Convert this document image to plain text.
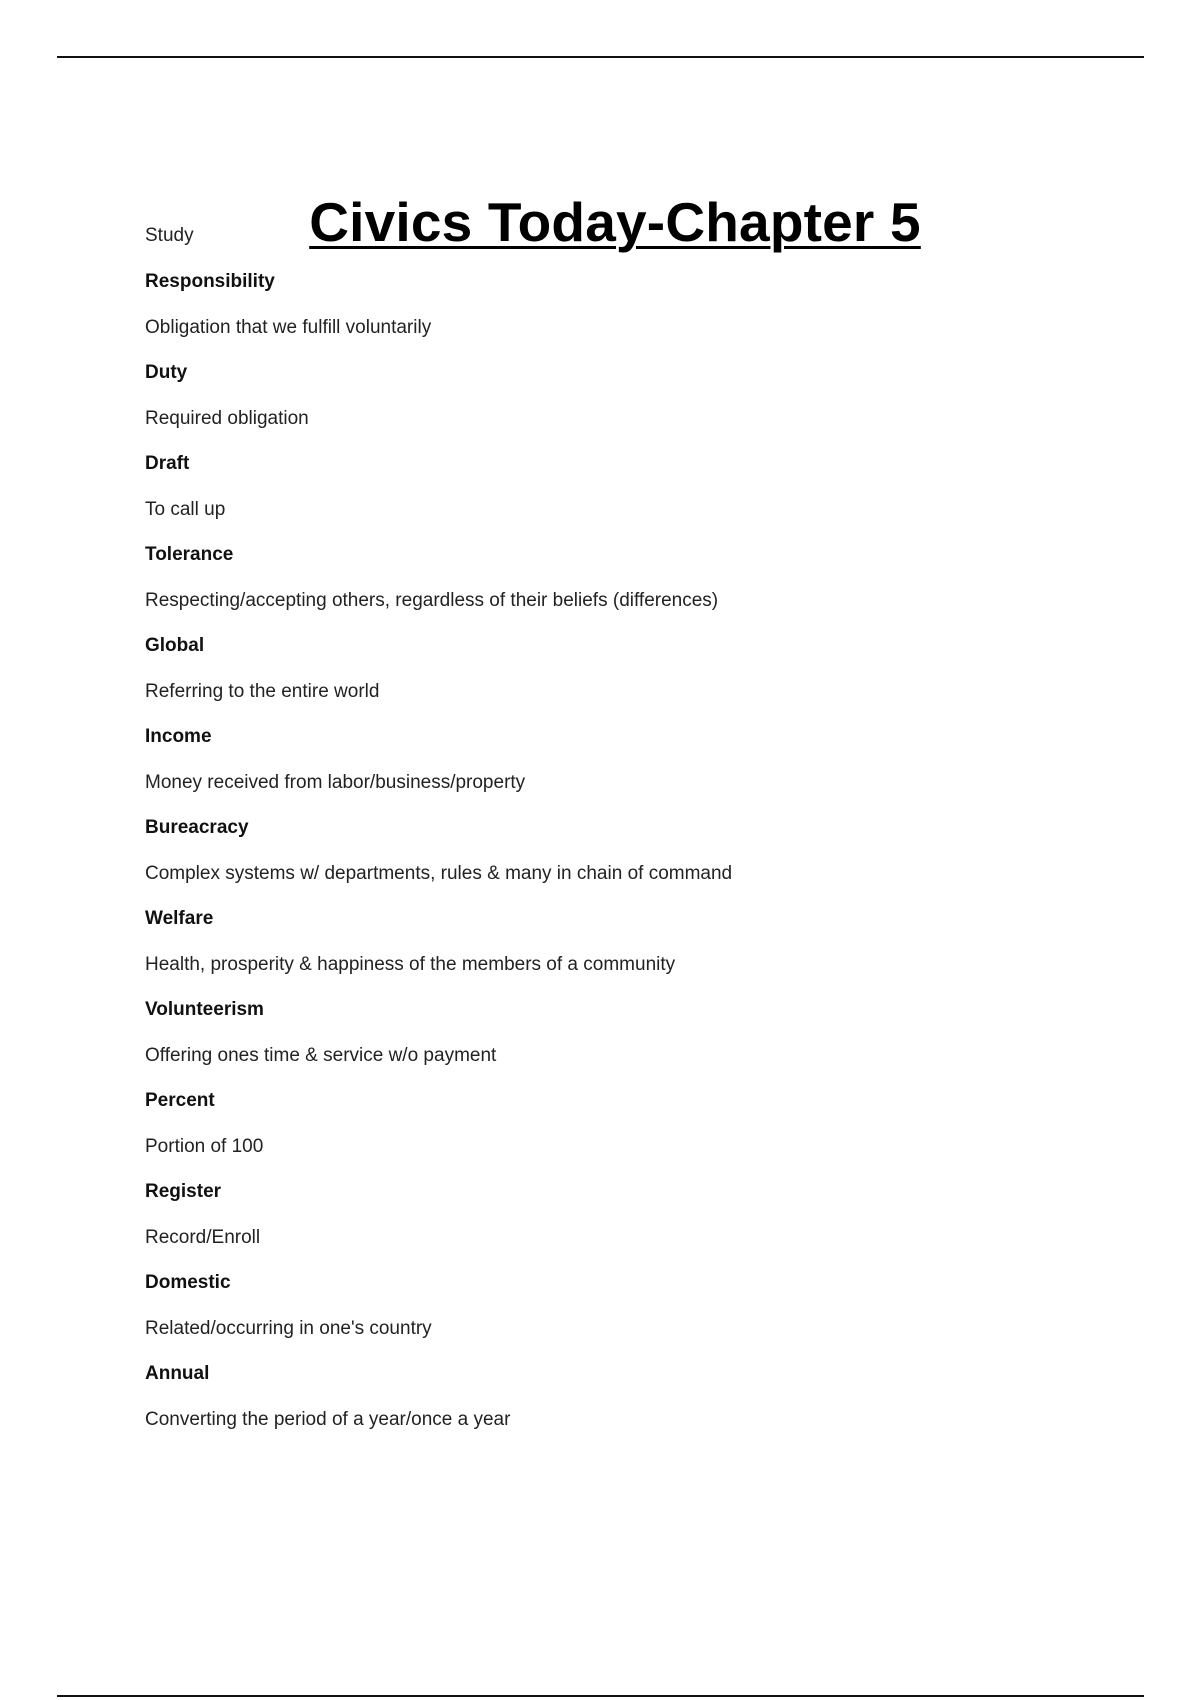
Civics Today-Chapter 5
Study
Responsibility
Obligation that we fulfill voluntarily
Duty
Required obligation
Draft
To call up
Tolerance
Respecting/accepting others, regardless of their beliefs (differences)
Global
Referring to the entire world
Income
Money received from labor/business/property
Bureacracy
Complex systems w/ departments, rules & many in chain of command
Welfare
Health, prosperity & happiness of the members of a community
Volunteerism
Offering ones time & service w/o payment
Percent
Portion of 100
Register
Record/Enroll
Domestic
Related/occurring in one's country
Annual
Converting the period of a year/once a year
